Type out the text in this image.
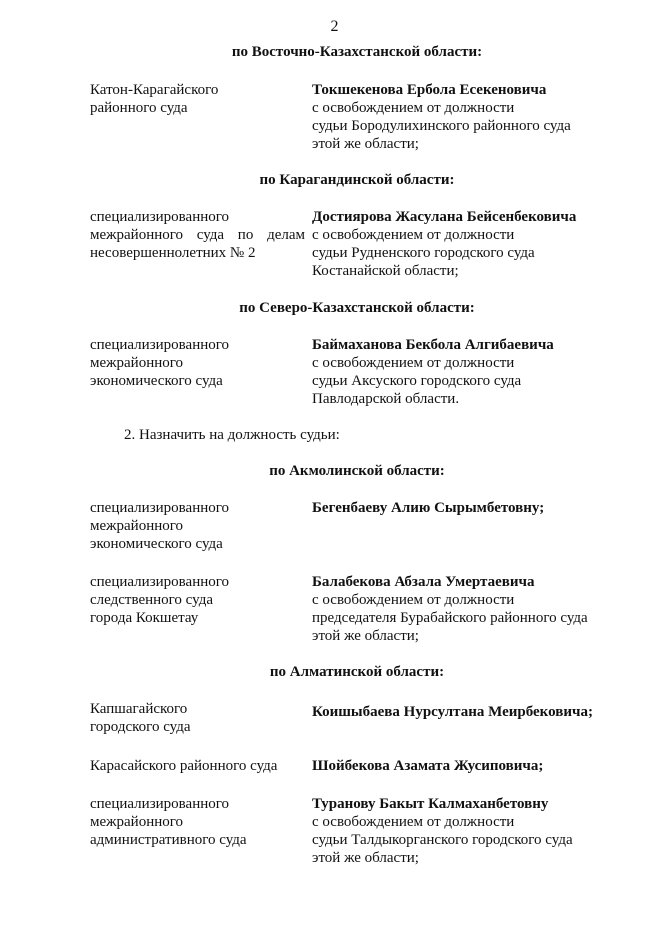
2
по Восточно-Казахстанской области:
Катон-Карагайского
районного суда
Токшекенова Ербола Есекеновича
с освобождением от должности
судьи Бородулихинского районного суда
этой же области;
по Карагандинской области:
специализированного
межрайонного суда по делам
несовершеннолетних № 2
Достиярова Жасулана Бейсенбековича
с освобождением от должности
судьи Рудненского городского суда
Костанайской области;
по Северо-Казахстанской области:
специализированного
межрайонного
экономического суда
Баймаханова Бекбола Алгибаевича
с освобождением от должности
судьи Аксуского городского суда
Павлодарской области.
2. Назначить на должность судьи:
по Акмолинской области:
специализированного
межрайонного
экономического суда
Бегенбаеву Алию Сырымбетовну;
специализированного
следственного суда
города Кокшетау
Балабекова Абзала Умертаевича
с освобождением от должности
председателя Бурабайского районного суда
этой же области;
по Алматинской области:
Капшагайского
городского суда
Коишыбаева Нурсултана Меирбековича;
Карасайского районного суда	Шойбекова Азамата Жусиповича;
специализированного
межрайонного
административного суда
Туранову Бакыт Калмаханбетовну
с освобождением от должности
судьи Талдыкорганского городского суда
этой же области;
